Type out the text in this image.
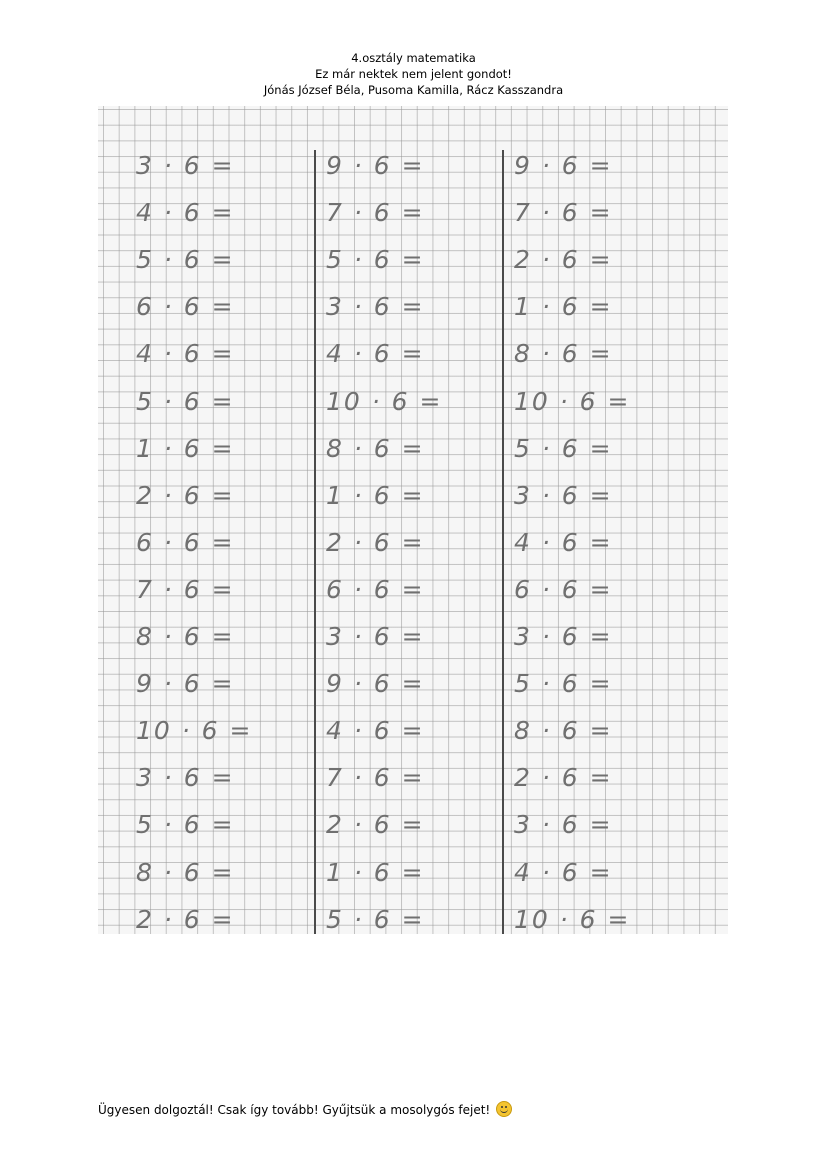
4.osztály matematika
Ez már nektek nem jelent gondot!
Jónás József Béla, Pusoma Kamilla, Rácz Kasszandra
3 · 6 =
4 · 6 =
5 · 6 =
6 · 6 =
4 · 6 =
5 · 6 =
1 · 6 =
2 · 6 =
6 · 6 =
7 · 6 =
8 · 6 =
9 · 6 =
10 · 6 =
3 · 6 =
5 · 6 =
8 · 6 =
2 · 6 =
9 · 6 =
7 · 6 =
5 · 6 =
3 · 6 =
4 · 6 =
10 · 6 =
8 · 6 =
1 · 6 =
2 · 6 =
6 · 6 =
3 · 6 =
9 · 6 =
4 · 6 =
7 · 6 =
2 · 6 =
1 · 6 =
5 · 6 =
9 · 6 =
7 · 6 =
2 · 6 =
1 · 6 =
8 · 6 =
10 · 6 =
5 · 6 =
3 · 6 =
4 · 6 =
6 · 6 =
3 · 6 =
5 · 6 =
8 · 6 =
2 · 6 =
3 · 6 =
4 · 6 =
10 · 6 =
Ügyesen dolgoztál! Csak így tovább! Gyűjtsük a mosolygós fejet!
